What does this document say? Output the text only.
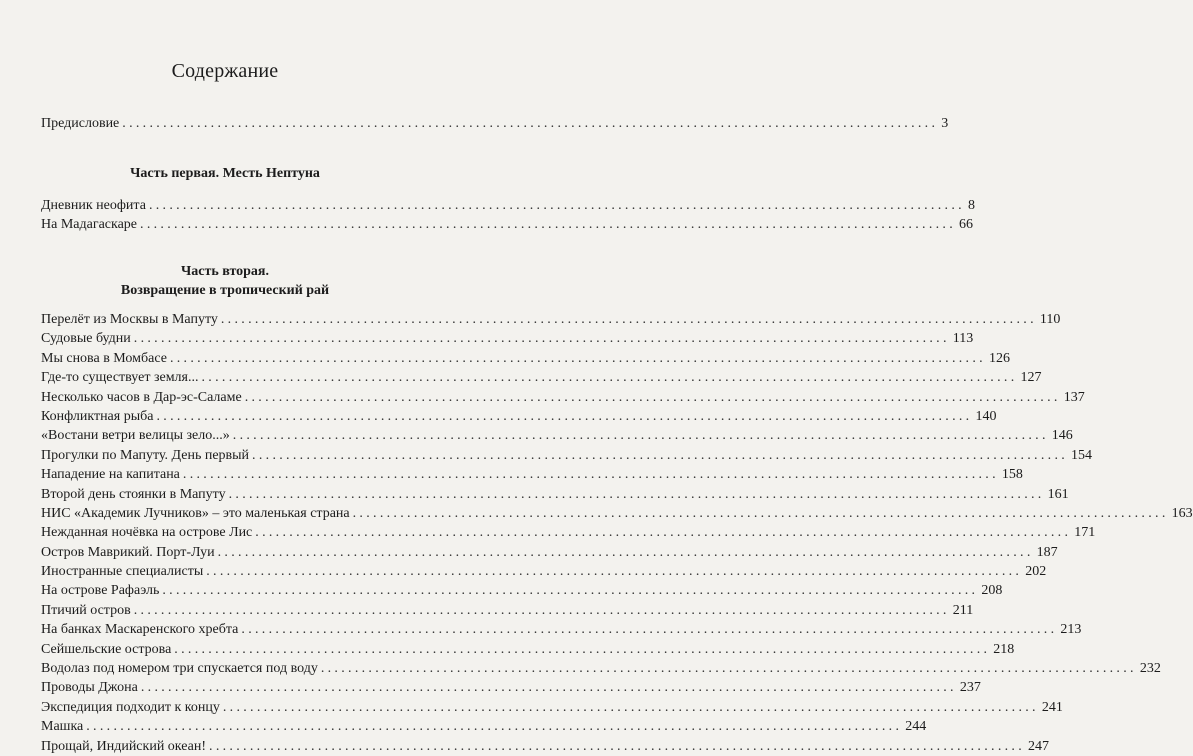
Содержание
Предисловие ........................................................................................................................ 3
Часть первая. Месть Нептуна
Дневник неофита ........................................................................................................................ 8
На Мадагаскаре ........................................................................................................................ 66
Часть вторая.
Возвращение в тропический рай
Перелёт из Москвы в Мапуту ........................................................................................................................ 110
Судовые будни ........................................................................................................................ 113
Мы снова в Момбасе ........................................................................................................................ 126
Где-то существует земля... ........................................................................................................................ 127
Несколько часов в Дар-эс-Саламе ........................................................................................................................ 137
Конфликтная рыба ........................................................................................................................ 140
«Востани ветри велицы зело...» ........................................................................................................................ 146
Прогулки по Мапуту. День первый ........................................................................................................................ 154
Нападение на капитана ........................................................................................................................ 158
Второй день стоянки в Мапуту ........................................................................................................................ 161
НИС «Академик Лучников» – это маленькая страна ........................................................................................................................ 163
Нежданная ночёвка на острове Лис ........................................................................................................................ 171
Остров Маврикий. Порт-Луи ........................................................................................................................ 187
Иностранные специалисты ........................................................................................................................ 202
На острове Рафаэль ........................................................................................................................ 208
Птичий остров ........................................................................................................................ 211
На банках Маскаренского хребта ........................................................................................................................ 213
Сейшельские острова ........................................................................................................................ 218
Водолаз под номером три спускается под воду ........................................................................................................................ 232
Проводы Джона ........................................................................................................................ 237
Экспедиция подходит к концу ........................................................................................................................ 241
Машка ........................................................................................................................ 244
Прощай, Индийский океан! ........................................................................................................................ 247
